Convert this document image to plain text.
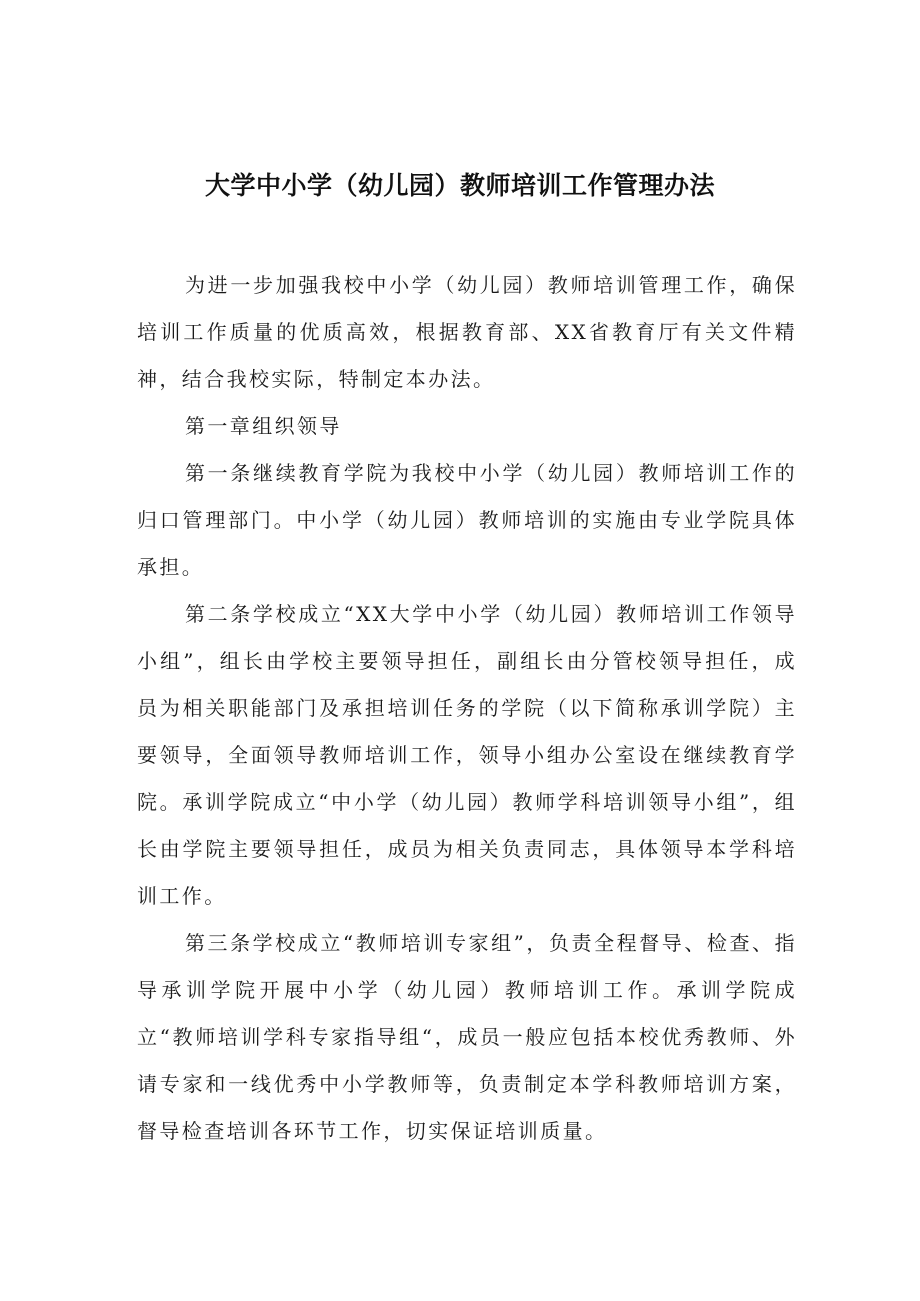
大学中小学（幼儿园）教师培训工作管理办法

为进一步加强我校中小学（幼儿园）教师培训管理工作，确保培训工作质量的优质高效，根据教育部、XX省教育厅有关文件精神，结合我校实际，特制定本办法。

第一章组织领导

第一条继续教育学院为我校中小学（幼儿园）教师培训工作的归口管理部门。中小学（幼儿园）教师培训的实施由专业学院具体承担。

第二条学校成立“XX大学中小学（幼儿园）教师培训工作领导小组”，组长由学校主要领导担任，副组长由分管校领导担任，成员为相关职能部门及承担培训任务的学院（以下简称承训学院）主要领导，全面领导教师培训工作，领导小组办公室设在继续教育学院。承训学院成立“中小学（幼儿园）教师学科培训领导小组”，组长由学院主要领导担任，成员为相关负责同志，具体领导本学科培训工作。

第三条学校成立“教师培训专家组”，负责全程督导、检查、指导承训学院开展中小学（幼儿园）教师培训工作。承训学院成立“教师培训学科专家指导组“，成员一般应包括本校优秀教师、外请专家和一线优秀中小学教师等，负责制定本学科教师培训方案，督导检查培训各环节工作，切实保证培训质量。
